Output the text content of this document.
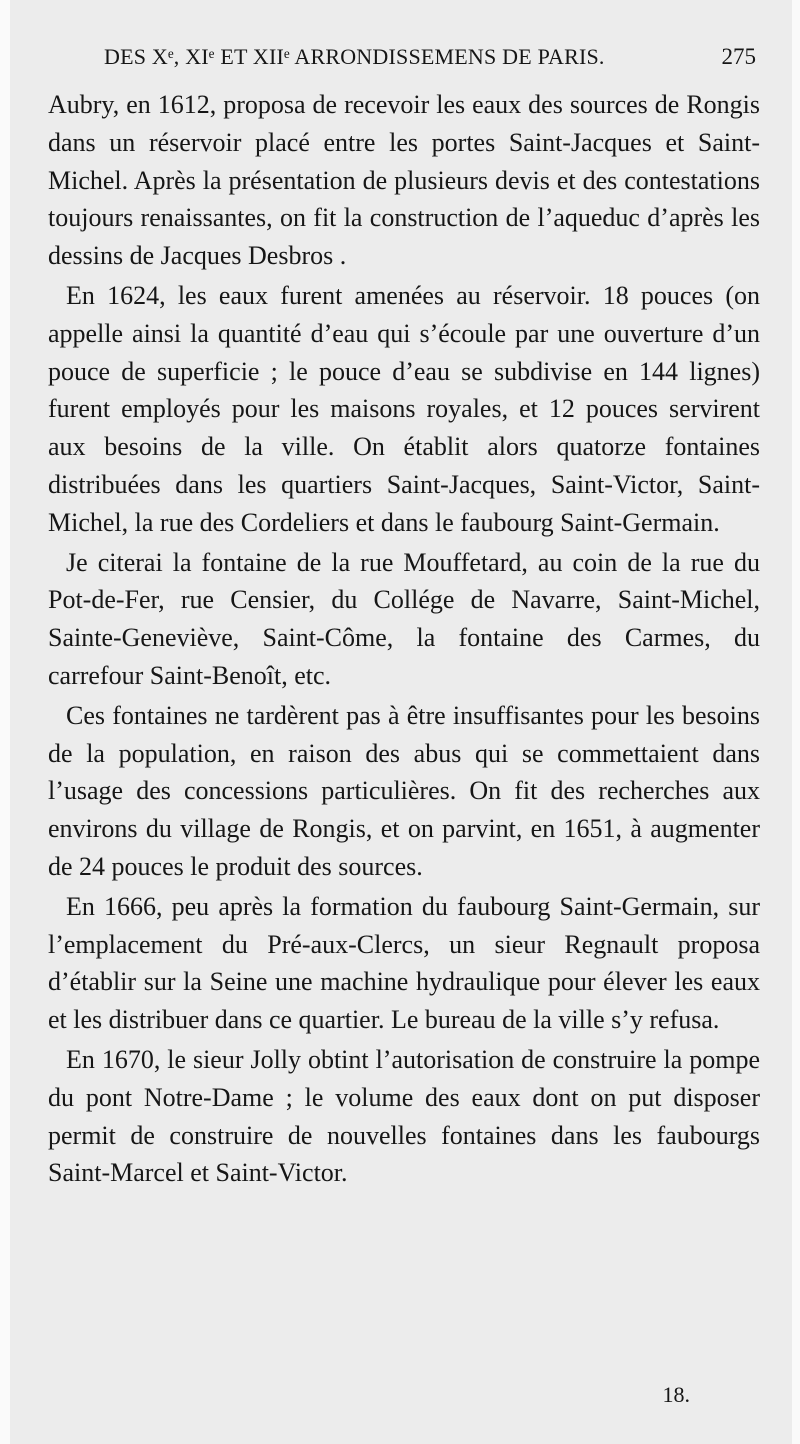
DES Xᵉ, XIᵉ ET XIIᵉ ARRONDISSEMENS DE PARIS.	275

Aubry, en 1612, proposa de recevoir les eaux des sources de Rongis dans un réservoir placé entre les portes Saint-Jacques et Saint-Michel. Après la présentation de plusieurs devis et des contestations toujours renaissantes, on fit la construction de l’aqueduc d’après les dessins de Jacques Desbros .

En 1624, les eaux furent amenées au réservoir. 18 pouces (on appelle ainsi la quantité d’eau qui s’écoule par une ouverture d’un pouce de superficie ; le pouce d’eau se subdivise en 144 lignes) furent employés pour les maisons royales, et 12 pouces servirent aux besoins de la ville. On établit alors quatorze fontaines distribuées dans les quartiers Saint-Jacques, Saint-Victor, Saint-Michel, la rue des Cordeliers et dans le faubourg Saint-Germain.

Je citerai la fontaine de la rue Mouffetard, au coin de la rue du Pot-de-Fer, rue Censier, du Collége de Navarre, Saint-Michel, Sainte-Geneviève, Saint-Côme, la fontaine des Carmes, du carrefour Saint-Benoît, etc.

Ces fontaines ne tardèrent pas à être insuffisantes pour les besoins de la population, en raison des abus qui se commettaient dans l’usage des concessions particulières. On fit des recherches aux environs du village de Rongis, et on parvint, en 1651, à augmenter de 24 pouces le produit des sources.

En 1666, peu après la formation du faubourg Saint-Germain, sur l’emplacement du Pré-aux-Clercs, un sieur Regnault proposa d’établir sur la Seine une machine hydraulique pour élever les eaux et les distribuer dans ce quartier. Le bureau de la ville s’y refusa.

En 1670, le sieur Jolly obtint l’autorisation de construire la pompe du pont Notre-Dame ; le volume des eaux dont on put disposer permit de construire de nouvelles fontaines dans les faubourgs Saint-Marcel et Saint-Victor.

18.
